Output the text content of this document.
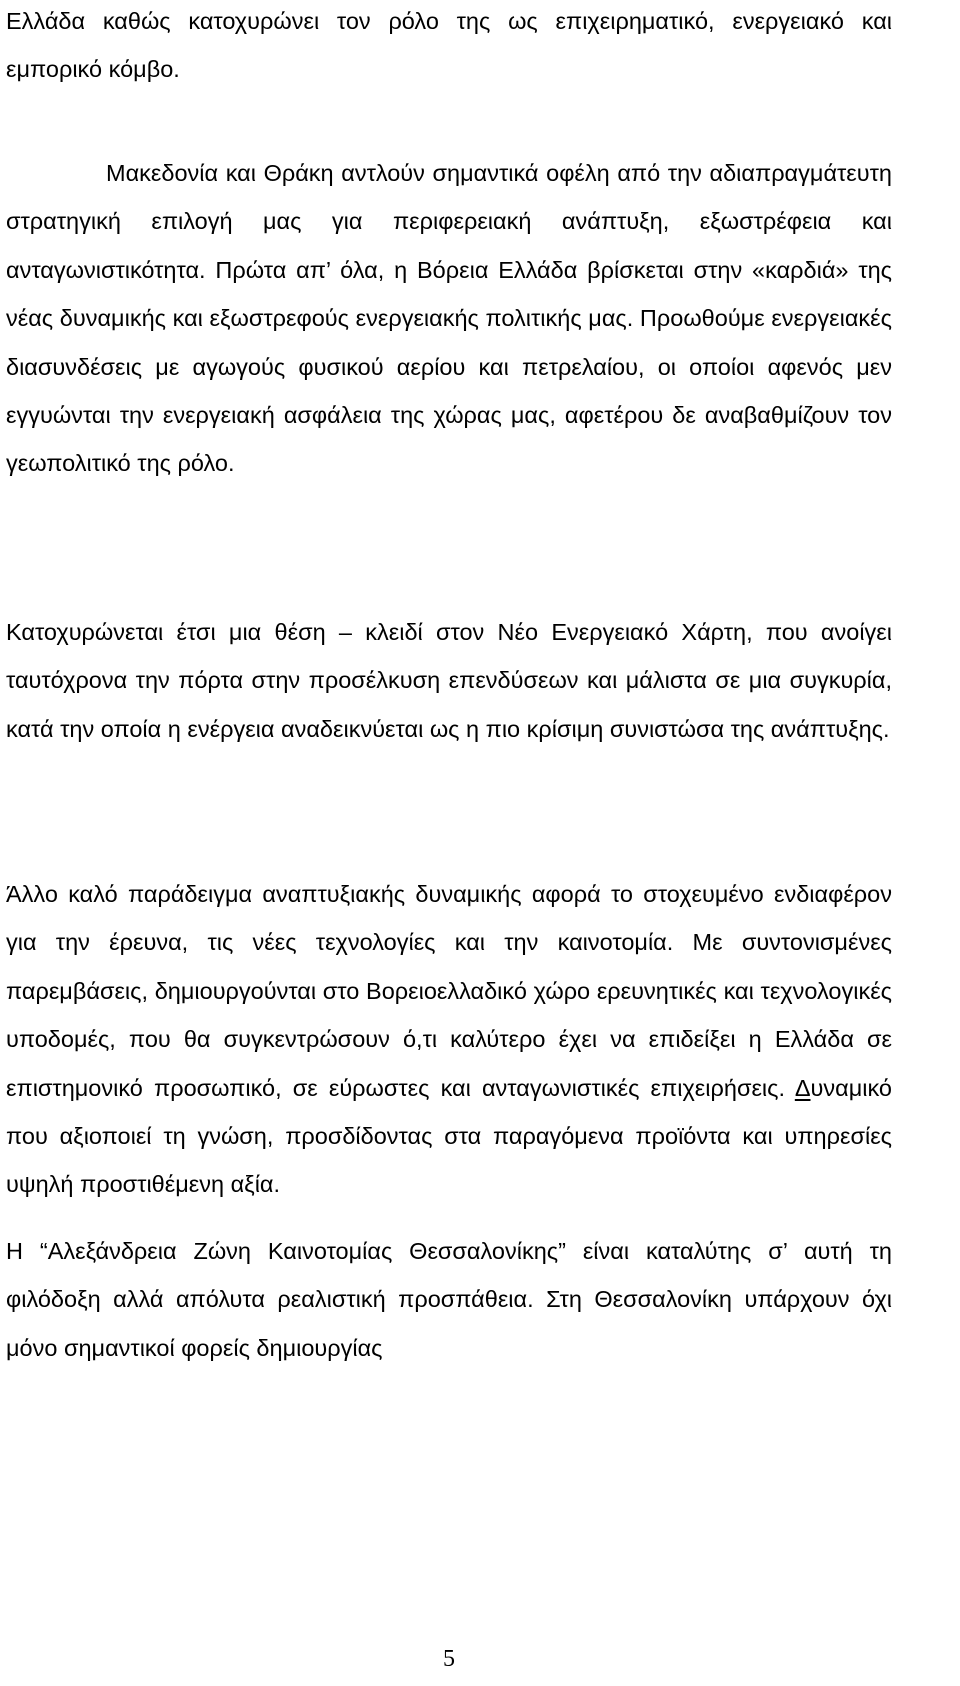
Ελλάδα καθώς κατοχυρώνει τον ρόλο της ως επιχειρηματικό, ενεργειακό και εμπορικό κόμβο.

Μακεδονία και Θράκη αντλούν σημαντικά οφέλη από την αδιαπραγμάτευτη στρατηγική επιλογή μας για περιφερειακή ανάπτυξη, εξωστρέφεια και ανταγωνιστικότητα. Πρώτα απ’ όλα, η Βόρεια Ελλάδα βρίσκεται στην «καρδιά» της νέας δυναμικής και εξωστρεφούς ενεργειακής πολιτικής μας. Προωθούμε ενεργειακές διασυνδέσεις με αγωγούς φυσικού αερίου και πετρελαίου, οι οποίοι αφενός μεν εγγυώνται την ενεργειακή ασφάλεια της χώρας μας, αφετέρου δε αναβαθμίζουν τον γεωπολιτικό της ρόλο.

Κατοχυρώνεται έτσι μια θέση – κλειδί στον Νέο Ενεργειακό Χάρτη, που ανοίγει ταυτόχρονα την πόρτα στην προσέλκυση επενδύσεων και μάλιστα σε μια συγκυρία, κατά την οποία η ενέργεια αναδεικνύεται ως η πιο κρίσιμη συνιστώσα της ανάπτυξης.

Άλλο καλό παράδειγμα αναπτυξιακής δυναμικής αφορά το στοχευμένο ενδιαφέρον για την έρευνα, τις νέες τεχνολογίες και την καινοτομία. Με συντονισμένες παρεμβάσεις, δημιουργούνται στο Βορειοελλαδικό χώρο ερευνητικές και τεχνολογικές υποδομές, που θα συγκεντρώσουν ό,τι καλύτερο έχει να επιδείξει η Ελλάδα σε επιστημονικό προσωπικό, σε εύρωστες και ανταγωνιστικές επιχειρήσεις. Δυναμικό που αξιοποιεί τη γνώση, προσδίδοντας στα παραγόμενα προϊόντα και υπηρεσίες υψηλή προστιθέμενη αξία.

Η “Αλεξάνδρεια Ζώνη Καινοτομίας Θεσσαλονίκης” είναι καταλύτης σ’ αυτή τη φιλόδοξη αλλά απόλυτα ρεαλιστική προσπάθεια. Στη Θεσσαλονίκη υπάρχουν όχι μόνο σημαντικοί φορείς δημιουργίας

5
